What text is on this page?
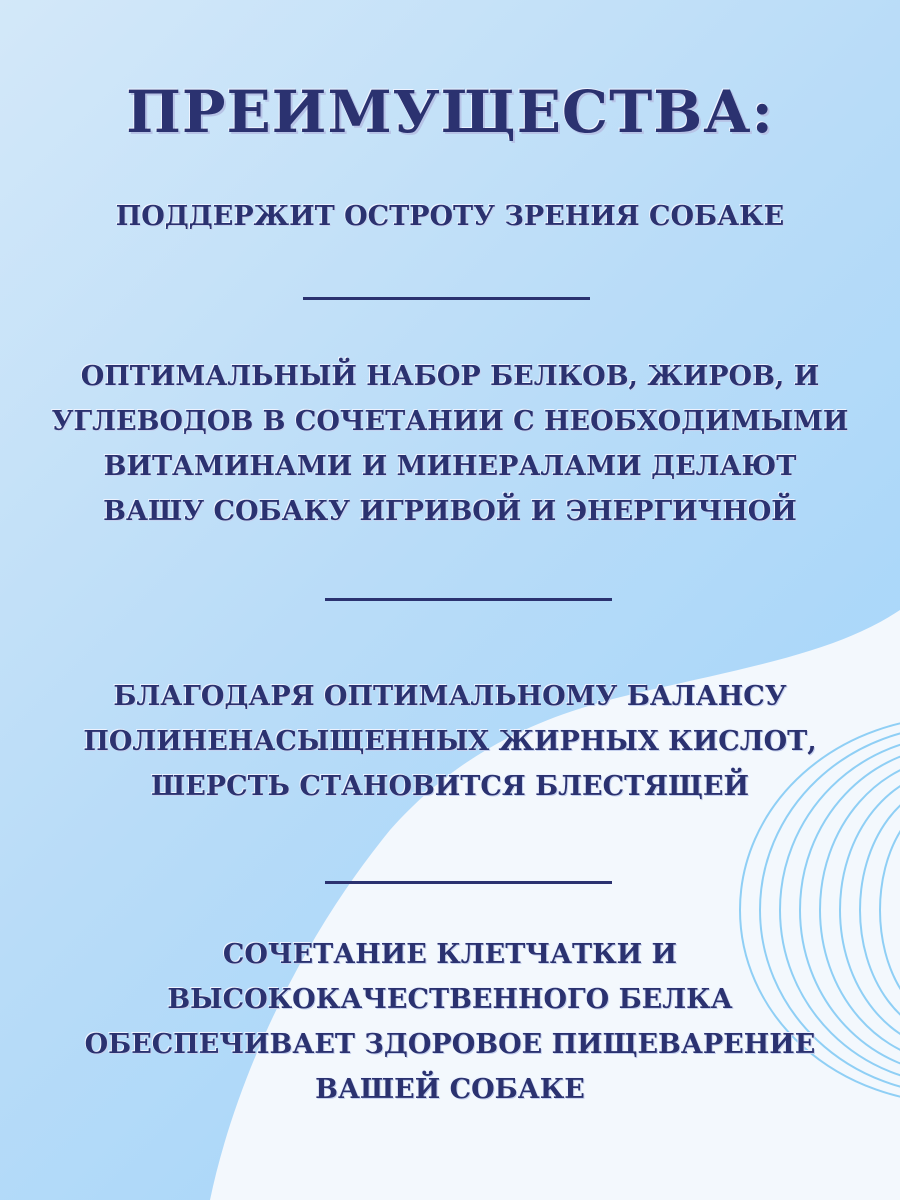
ПРЕИМУЩЕСТВА:
ПОДДЕРЖИТ ОСТРОТУ ЗРЕНИЯ СОБАКЕ
ОПТИМАЛЬНЫЙ НАБОР БЕЛКОВ, ЖИРОВ, И
УГЛЕВОДОВ В СОЧЕТАНИИ С НЕОБХОДИМЫМИ
ВИТАМИНАМИ И МИНЕРАЛАМИ ДЕЛАЮТ
ВАШУ СОБАКУ ИГРИВОЙ И ЭНЕРГИЧНОЙ
БЛАГОДАРЯ ОПТИМАЛЬНОМУ БАЛАНСУ
ПОЛИНЕНАСЫЩЕННЫХ ЖИРНЫХ КИСЛОТ,
ШЕРСТЬ СТАНОВИТСЯ БЛЕСТЯЩЕЙ
СОЧЕТАНИЕ КЛЕТЧАТКИ И
ВЫСОКОКАЧЕСТВЕННОГО БЕЛКА
ОБЕСПЕЧИВАЕТ ЗДОРОВОЕ ПИЩЕВАРЕНИЕ
ВАШЕЙ СОБАКЕ
